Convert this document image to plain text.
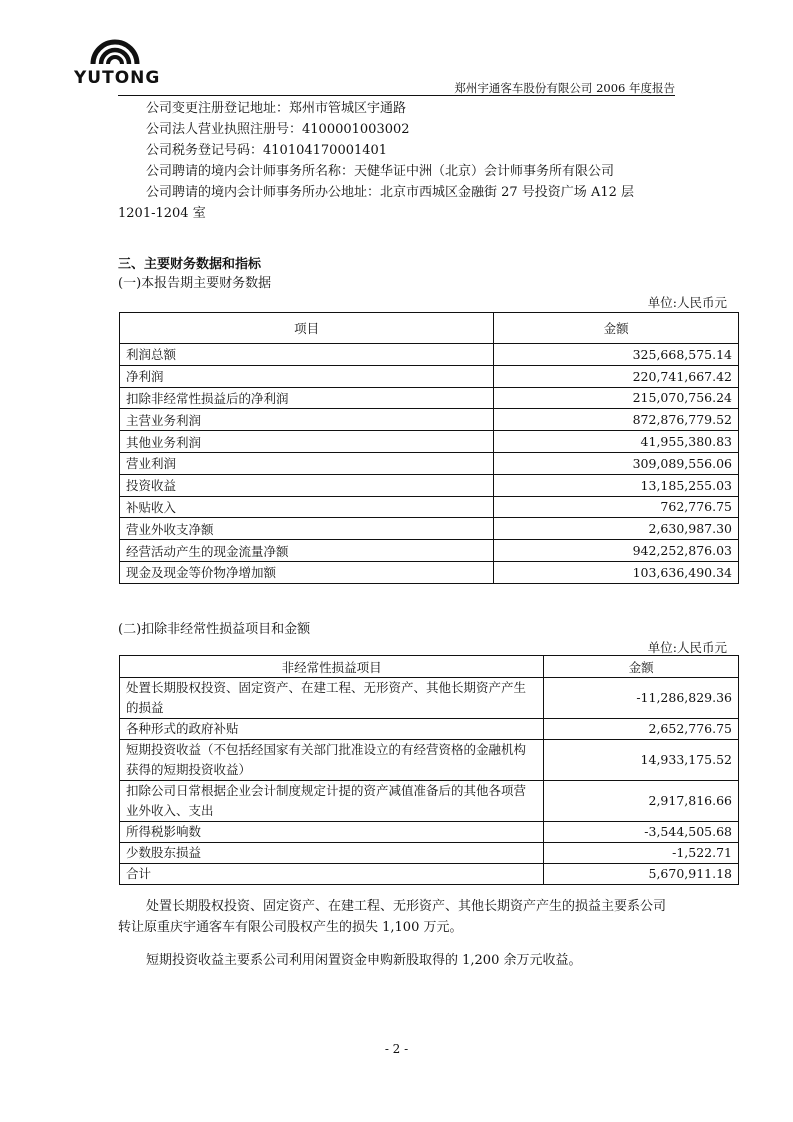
YUTONG	郑州宇通客车股份有限公司 2006 年度报告

公司变更注册登记地址：郑州市管城区宇通路

公司法人营业执照注册号：4100001003002

公司税务登记号码：410104170001401

公司聘请的境内会计师事务所名称：天健华证中洲（北京）会计师事务所有限公司

公司聘请的境内会计师事务所办公地址：北京市西城区金融街 27 号投资广场 A12 层 1201-1204 室

三、主要财务数据和指标
(一)本报告期主要财务数据
单位:人民币元
项目	金额
利润总额	325,668,575.14
净利润	220,741,667.42
扣除非经常性损益后的净利润	215,070,756.24
主营业务利润	872,876,779.52
其他业务利润	41,955,380.83
营业利润	309,089,556.06
投资收益	13,185,255.03
补贴收入	762,776.75
营业外收支净额	2,630,987.30
经营活动产生的现金流量净额	942,252,876.03
现金及现金等价物净增加额	103,636,490.34
(二)扣除非经常性损益项目和金额
单位:人民币元
非经常性损益项目	金额
处置长期股权投资、固定资产、在建工程、无形资产、其他长期资产产生的损益	-11,286,829.36
各种形式的政府补贴	2,652,776.75
短期投资收益（不包括经国家有关部门批准设立的有经营资格的金融机构获得的短期投资收益）	14,933,175.52
扣除公司日常根据企业会计制度规定计提的资产减值准备后的其他各项营业外收入、支出	2,917,816.66
所得税影响数	-3,544,505.68
少数股东损益	-1,522.71
合计	5,670,911.18

处置长期股权投资、固定资产、在建工程、无形资产、其他长期资产产生的损益主要系公司转让原重庆宇通客车有限公司股权产生的损失 1,100 万元。

短期投资收益主要系公司利用闲置资金申购新股取得的 1,200 余万元收益。

- 2 -
